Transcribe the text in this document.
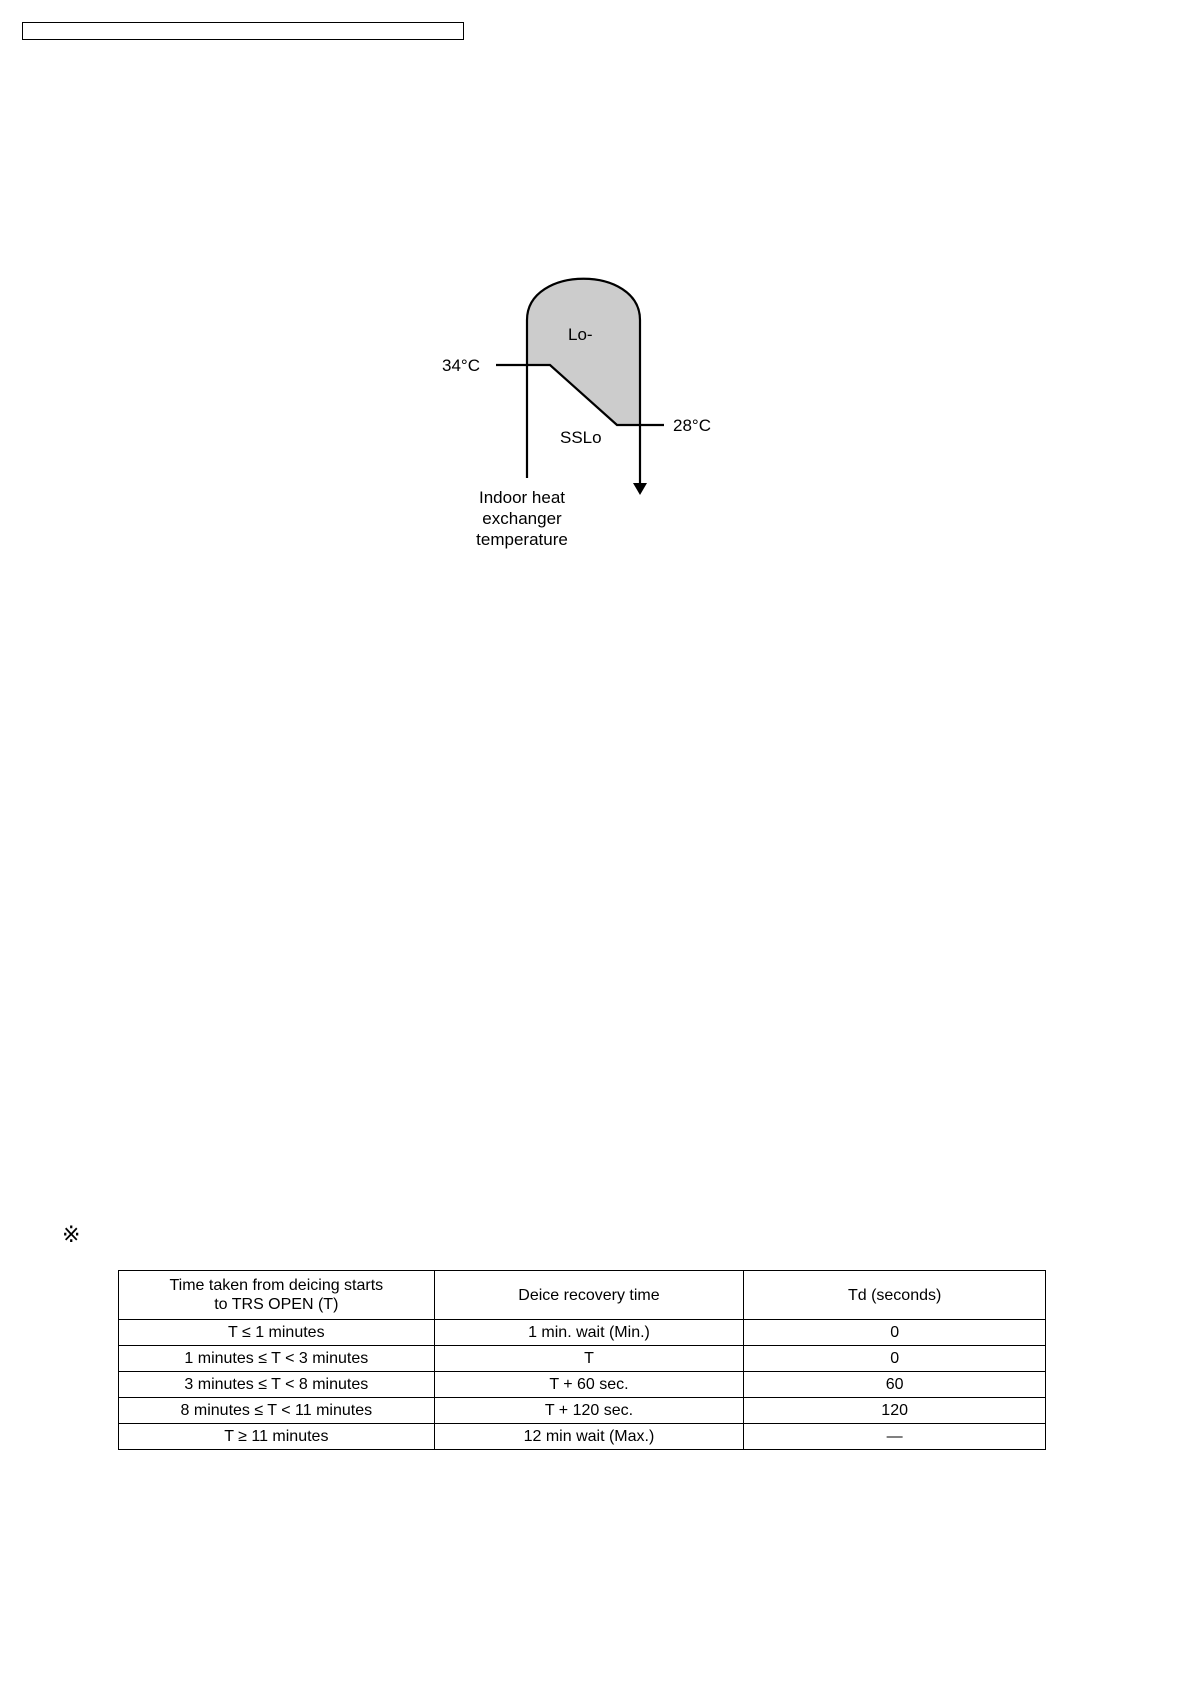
Lo-
SSLo
34°C
28°C
Indoor heat
exchanger
temperature
※
Time taken from deicing starts
to TRS OPEN (T)	Deice recovery time	Td (seconds)
T ≤ 1 minutes	1 min. wait (Min.)	0
1 minutes ≤ T < 3 minutes	T	0
3 minutes ≤ T < 8 minutes	T + 60 sec.	60
8 minutes ≤ T < 11 minutes	T + 120 sec.	120
T ≥ 11 minutes	12 min wait (Max.)	—
